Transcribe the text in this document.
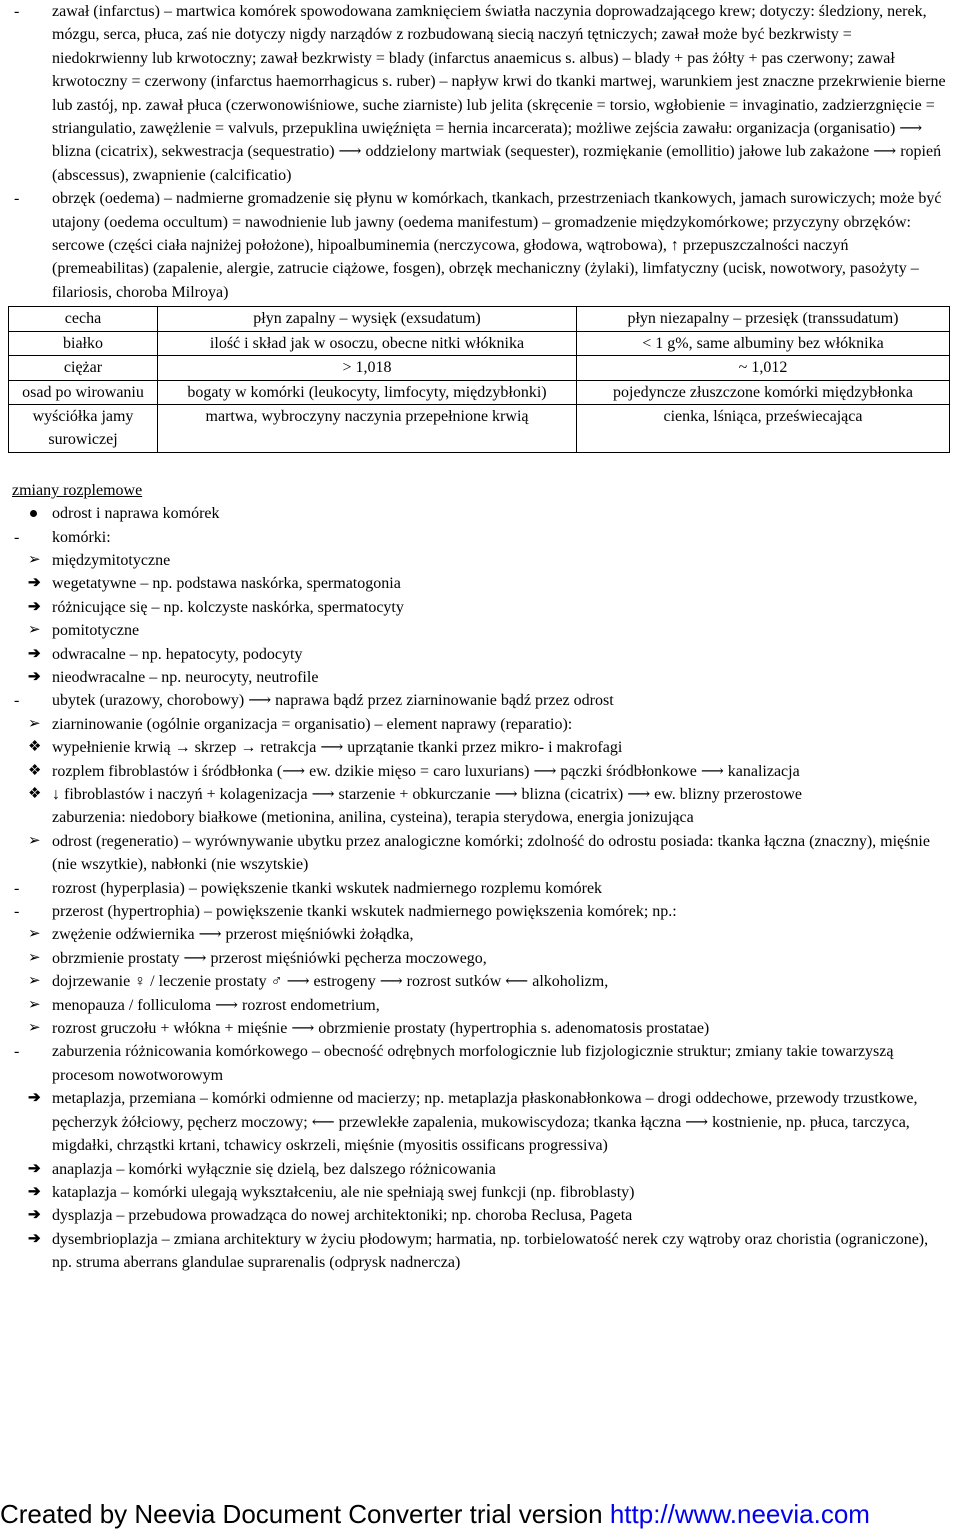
-	zawał (infarctus) – martwica komórek spowodowana zamknięciem światła naczynia doprowadzającego krew; dotyczy: śledziony, nerek, mózgu, serca, płuca, zaś nie dotyczy nigdy narządów z rozbudowaną siecią naczyń tętniczych; zawał może być bezkrwisty = niedokrwienny lub krwotoczny; zawał bezkrwisty = blady (infarctus anaemicus s. albus) – blady + pas żółty + pas czerwony; zawał krwotoczny = czerwony (infarctus haemorrhagicus s. ruber) – napływ krwi do tkanki martwej, warunkiem jest znaczne przekrwienie bierne lub zastój, np. zawał płuca (czerwonowiśniowe, suche ziarniste) lub jelita (skręcenie = torsio, wgłobienie = invaginatio, zadzierzgnięcie = striangulatio, zawężlenie = valvuls, przepuklina uwięźnięta = hernia incarcerata); możliwe zejścia zawału: organizacja (organisatio) ⟶ blizna (cicatrix), sekwestracja (sequestratio) ⟶ oddzielony martwiak (sequester), rozmiękanie (emollitio) jałowe lub zakażone ⟶ ropień (abscessus), zwapnienie (calcificatio)
-	obrzęk (oedema) – nadmierne gromadzenie się płynu w komórkach, tkankach, przestrzeniach tkankowych, jamach surowiczych; może być utajony (oedema occultum) = nawodnienie lub jawny (oedema manifestum) – gromadzenie międzykomórkowe; przyczyny obrzęków: sercowe (części ciała najniżej położone), hipoalbuminemia (nerczycowa, głodowa, wątrobowa), ↑ przepuszczalności naczyń (premeabilitas) (zapalenie, alergie, zatrucie ciążowe, fosgen), obrzęk mechaniczny (żylaki), limfatyczny (ucisk, nowotwory, pasożyty – filariosis, choroba Milroya)
cecha	płyn zapalny – wysięk (exsudatum)	płyn niezapalny – przesięk (transsudatum)
białko	ilość i skład jak w osoczu, obecne nitki włóknika	< 1 g%, same albuminy bez włóknika
ciężar	> 1,018	~ 1,012
osad po wirowaniu	bogaty w komórki (leukocyty, limfocyty, międzybłonki)	pojedyncze złuszczone komórki międzybłonka
wyściółka jamy surowiczej	martwa, wybroczyny naczynia przepełnione krwią	cienka, lśniąca, przeświecająca
zmiany rozplemowe
odrost i naprawa komórek
-	komórki:
➢ międzymitotyczne
➔ wegetatywne – np. podstawa naskórka, spermatogonia
➔ różnicujące się – np. kolczyste naskórka, spermatocyty
➢ pomitotyczne
➔ odwracalne – np. hepatocyty, podocyty
➔ nieodwracalne – np. neurocyty, neutrofile
-	ubytek (urazowy, chorobowy) ⟶ naprawa bądź przez ziarninowanie bądź przez odrost
➢ ziarninowanie (ogólnie organizacja = organisatio) – element naprawy (reparatio):
❖ wypełnienie krwią → skrzep → retrakcja ⟶ uprzątanie tkanki przez mikro- i makrofagi
❖ rozplem fibroblastów i śródbłonka (⟶ ew. dzikie mięso = caro luxurians) ⟶ pączki śródbłonkowe ⟶ kanalizacja
❖ ↓ fibroblastów i naczyń + kolagenizacja ⟶ starzenie + obkurczanie ⟶ blizna (cicatrix) ⟶ ew. blizny przerostowe
zaburzenia: niedobory białkowe (metionina, anilina, cysteina), terapia sterydowa, energia jonizująca
➢ odrost (regeneratio) – wyrównywanie ubytku przez analogiczne komórki; zdolność do odrostu posiada: tkanka łączna (znaczny), mięśnie (nie wszytkie), nabłonki (nie wszytskie)
-	rozrost (hyperplasia) – powiększenie tkanki wskutek nadmiernego rozplemu komórek
-	przerost (hypertrophia) – powiększenie tkanki wskutek nadmiernego powiększenia komórek; np.:
➢ zwężenie odźwiernika ⟶ przerost mięśniówki żołądka,
➢ obrzmienie prostaty ⟶ przerost mięśniówki pęcherza moczowego,
➢ dojrzewanie ♀ / leczenie prostaty ♂ ⟶ estrogeny ⟶ rozrost sutków ⟵ alkoholizm,
➢ menopauza / folliculoma ⟶ rozrost endometrium,
➢ rozrost gruczołu + włókna + mięśnie ⟶ obrzmienie prostaty (hypertrophia s. adenomatosis prostatae)
-	zaburzenia różnicowania komórkowego – obecność odrębnych morfologicznie lub fizjologicznie struktur; zmiany takie towarzyszą procesom nowotworowym
➔ metaplazja, przemiana – komórki odmienne od macierzy; np. metaplazja płaskonabłonkowa – drogi oddechowe, przewody trzustkowe, pęcherzyk żółciowy, pęcherz moczowy; ⟵ przewlekłe zapalenia, mukowiscydoza; tkanka łączna ⟶ kostnienie, np. płuca, tarczyca, migdałki, chrząstki krtani, tchawicy oskrzeli, mięśnie (myositis ossificans progressiva)
➔ anaplazja – komórki wyłącznie się dzielą, bez dalszego różnicowania
➔ kataplazja – komórki ulegają wykształceniu, ale nie spełniają swej funkcji (np. fibroblasty)
➔ dysplazja – przebudowa prowadząca do nowej architektoniki; np. choroba Reclusa, Pageta
➔ dysembrioplazja – zmiana architektury w życiu płodowym; harmatia, np. torbielowatość nerek czy wątroby oraz choristia (ograniczone), np. struma aberrans glandulae suprarenalis (odprysk nadnercza)
Created by Neevia Document Converter trial version http://www.neevia.com
